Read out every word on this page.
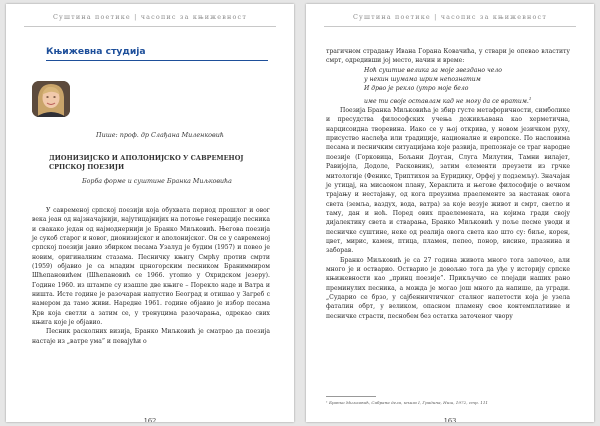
Суштина поетике | часопис за књижевност
Књижевна студија
Пише: проф. др Слађана Миленковић
ДИОНИЗИЈСКО И АПОЛОНИЈСКО У САВРЕМЕНОЈ СРПСКОЈ ПОЕЗИЈИ
Борба форме и суштине Бранка Миљковића

У савременој српској поезији која обухвата период прошлог и овог века јеан од најзначајнији, најутицајнијих на потоње генерације песника и свакако један од најмоднернији је Бранко Миљковић. Његова поезија је сукоб старог и новог, дионизијског и аполонијског. Он се у савременој српској поезији јавио збирком песама Узалуд је будим (1957) и повео је новим, оригиналним стазама. Песничку књигу Смрћу против смрти (1959) објавио је са младим црногорским песником Браниммиром Шћепановићем (Шћепановић се 1966. утопио у Охридском језеру). Године 1960. из штампе су изашле две књиге – Порекло наде и Ватра и ништа. Исте године је разочаран напустио Београд и отишао у Загреб с намером да тамо живи. Наредне 1961. године објавио је избор песама Крв која светли а затим се, у тренуцима разочарања, одрекао свих књига које је објавио.

Песник расколних визија, Бранко Миљковић је сматрао да поезија настаје из „ватре ума” и певајући о

162
Суштина поетике | часопис за књижевност

трагичном страдању Ивана Горана Ковачића, у ствари је опевао властиту смрт, одредивши јој место, начин и време:

Ноћ суштие велика за моје звездано чело
у некин шумама шрим непознатим
И дрво је рекло (утро моје бело
име ти своје оставлам кад не могу да се вратим.$^1$

Поезија Бранка Миљковића је збир густе метафоричности, симболике и пресудства философских учења доживљавана као херметична, нарцисоидна творевина. Иако се у њој открива, у новом језичком руху, присуство наслеђа или традиције, националне и европске. По насловима песама и песничким ситуацијама које развија, препознаје се траг народне поезије (Горковица, Бољани Доуган, Слуга Милутин, Тамни вилајет, Равијојла, Додоле, Расковник), затим елементи преузети из грчке митологије (Феникс, Триптихон за Еуридику, Орфеј у подземљу). Значајан је утицај, на мисаоном плану, Хераклита и његове философије о вечном трајању и нестајању, од кога преузима праелементе за настанак овога света (земља, ваздух, вода, ватра) за које везује живот и смрт, светло и таму, дан и ноћ. Поред ових праелемената, на којима гради своју дијалектику света и стварања, Бранко Миљковић у поље песме уводи и песничке суштине, неке од реалија овога света као што су: биље, корен, цвет, мирис, камен, птица, пламен, пепео, понор, висине, празнина и заборав.

Бранко Миљковић је са 27 година живота много тога започео, али много је и остварио. Остварио је довољно тога да уђе у историју српске књижевности као „принц поезије”. Прикључио се плејади наших рано преминулих песника, а можда је могао још много да напише, да угради. „Сударио се брзо, у сајбенничтичког сталног напетости која је узела фаталин обрт, у великом, опасном пламену свое контемплативне и песничке страсти, песнобем без остатка заточеног чвору

¹ Бранко Миљковић, Сабрана дела, књига I, Градина, Ниш, 1972, стр. 111
163
